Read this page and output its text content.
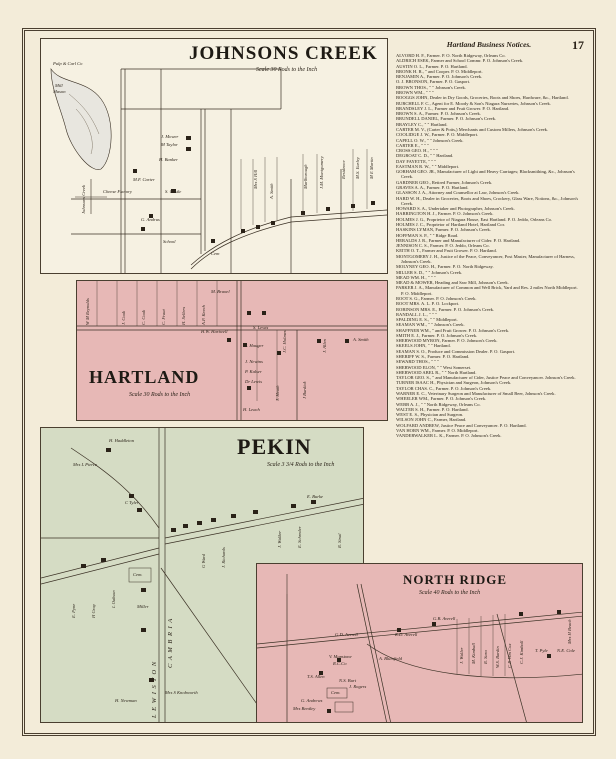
17
JOHNSONS CREEK
Scale 30 Rods to the Inch
Pulp & Carl Co
Mill
Mason
J. Mower
M Taylor
H. Banker
M.F. Carter
Cheese Factory	S. Castle
G. Andrus
School
Johnsons Creek
Marlborough J.M. Montgomery	Residence M.S. Earley M E Martin
Mrs S Hill
A. Smith
Cem
HARTLAND
Scale 30 Rods to the Inch
M. Braoel
H.W. Hartwell
S. Lewis
J. Hauger
J. Newins
P. Kalser
Dr Lewis
H. Leach
A. Smith
J.C. Holmes	J. Allen
J. Heath	J Burdick
J. Cook	C. Cook	H. Sellers	A.P. Keech
C. Fraat
W M Reynolds
PEKIN
Scale 3 3/4 Rods to the Inch
H. Haddleton
Mrs L Pierce
C Tyler
E. Burke
Cem.
Miller
H. Newman
Mrs S Knobworth
E. Pyne	H Gray
L Oakson
G Ward	J. Richards
J. Walker	E. Schreder	R. Sinal
L E W I S T O N
C A M B R I A
NORTH RIDGE
Scale 40 Rods to the Inch
G.D. Averell	R.D. Averell
G.B. Averell
V. Mapstone
R.C.Co
A. Blumfield
T.S. Allen
N.S. Burt
J. Rogers
Cem.
G. Andrews
Mrs Bentley
T. Pyle N.E. Cole
Mrs H Beach
J. Waller M. Kimball R. Sara W.S. Bardin C.P. Wm Cox C.J. Kimball
Hartland Business Notices.

ALVORD H. F., Farmer. P. O. North Ridgeway, Orleans Co.

ALDRICH ESEK, Farmer and School Commr. P. O. Johnson's Creek.

AUSTIN O. L., Farmer. P. O. Hartland.

BRONK H. R., " and Cooper. P. O. Middleport.

BENJAMIN A., Farmer. P. O. Johnson's Creek.

O. J. BRONSON, Farmer. P. O. Gasport.

BROWN THOS., " " Johnson's Creek.

BROWN WM., " " "

BOOGGS JOHN, Dealer in Dry Goods, Groceries, Boots and Shoes, Hardware, &c., Hartland.

BURCHELL F. C., Agent for E. Moody & Son's Niagara Nurseries, Johnson's Creek.

BRANDSLEY J. L., Farmer and Fruit Grower. P. O. Hartland.

BROWN S. A., Farmer. P. O. Johnson's Creek.

BRUNDELL DANIEL, Farmer. P. O. Johnson's Creek.

BRAYLEY C., " " Hartland.

CARTER M. V., (Carter & Potts,) Merchants and Custom Millers, Johnson's Creek.

COOLIDGE J. W., Farmer. P. O. Middleport.

CAPELL O. W., " " Johnson's Creek.

CARTER E., " " "

CROSS GEO. H., " " "

DEGROAT C. D., " " Hartland.

DAY FAYETTE, " " "

EASTMAN R. W., " " Middleport.

GORHAM GEO. JR., Manufacturer of Light and Heavy Carriages; Blacksmithing, &c., Johnson's Creek.

GARDNER GEO., Retired Farmer, Johnson's Creek.

GRAVES A. A., Farmer. P. O. Hartland.

GLASSON J. A., Attorney and Counsellor at Law, Johnson's Creek.

HARD W. H., Dealer in Groceries, Boots and Shoes, Crockery, Glass Ware, Notions, &c., Johnson's Creek.

HOWARD S. A., Undertaker and Photographer, Johnson's Creek.

HARRINGTON H. J., Farmer. P. O. Johnson's Creek.

HOLMES J. G., Proprietor of Niagara House, East Hartland. P. O. Jeddo, Orleans Co.

HOLMES J. C., Proprietor of Hartland Hotel, Hartland Cor.

HASKINS LYMAN, Farmer. P. O. Johnson's Creek.

HOFFMAN S. P., " " Ridge Road.

HERALDS J. R., Farmer and Manufacturer of Cider. P. O. Hartland.

JENNISON C. S., Farmer. P. O. Jeddo, Orleans Co.

KEITH O. T., Farmer and Fruit Grower. P. O. Hartland.

MONTGOMERY J. H., Justice of the Peace, Conveyancer, Post Master, Manufacturer of Harness, Johnson's Creek.

MOLYNEY GEO. H., Farmer. P. O. North Ridgeway.

MILLER S. D., " " Johnson's Creek.

MEAD WM. H., " " "

MEAD & MOWER, Heading and Saw Mill, Johnson's Creek.

PARKER J. A., Manufacturer of Common and Well Brick, Yard and Res. 2 miles North Middleport. P. O. Middleport.

ROOT S. G., Farmer. P. O. Johnson's Creek.

ROOT MRS. A. L. P. O. Lockport.

ROBINSON MRS. E., Farmer. P. O. Johnson's Creek.

RANDALL J. L., " " "

SPALDING E. S., " " Middleport.

SEAMAN WM., " " Johnson's Creek.

SHAFFNER WM., " and Fruit Grower. P. O. Johnson's Creek.

SMITH E. J., Farmer. P. O. Johnson's Creek.

SHERWOOD MYRON, Farmer. P. O. Johnson's Creek.

SKEELS JOHN, " " Hartland.

SEAMAN S. O., Produce and Commission Dealer. P. O. Gasport.

SHERIFF W. S., Farmer. P. O. Hartland.

SEWARD THOS., " " "

SHERWOOD ELON, " " West Somerset.

SHERWOOD ABEL R., " " North Hartland.

TAYLOR GEO. S., " and Manufacturer of Cider, Justice Peace and Conveyancer. Johnson's Creek.

TURNER ISAAC H., Physician and Surgeon, Johnson's Creek.

TAYLOR CHAS. C., Farmer. P. O. Johnson's Creek.

WARNER E. C., Veterinary Surgeon and Manufacturer of Small Beer, Johnson's Creek.

WHEELER WM., Farmer. P. O. Johnson's Creek.

WEBB A. J., " " North Ridgeway, Orleans Co.

WALTER S. H., Farmer. P. O. Hartland.

WEST E. S., Physician and Surgeon.

WILSON JOHN C., Farmer, Hartland.

WOLFARD ANDREW, Justice Peace and Conveyancer. P. O. Hartland.

VAN HORN WM., Farmer. P. O. Middleport.

VANDERWALKER L. K., Farmer. P. O. Johnson's Creek.
